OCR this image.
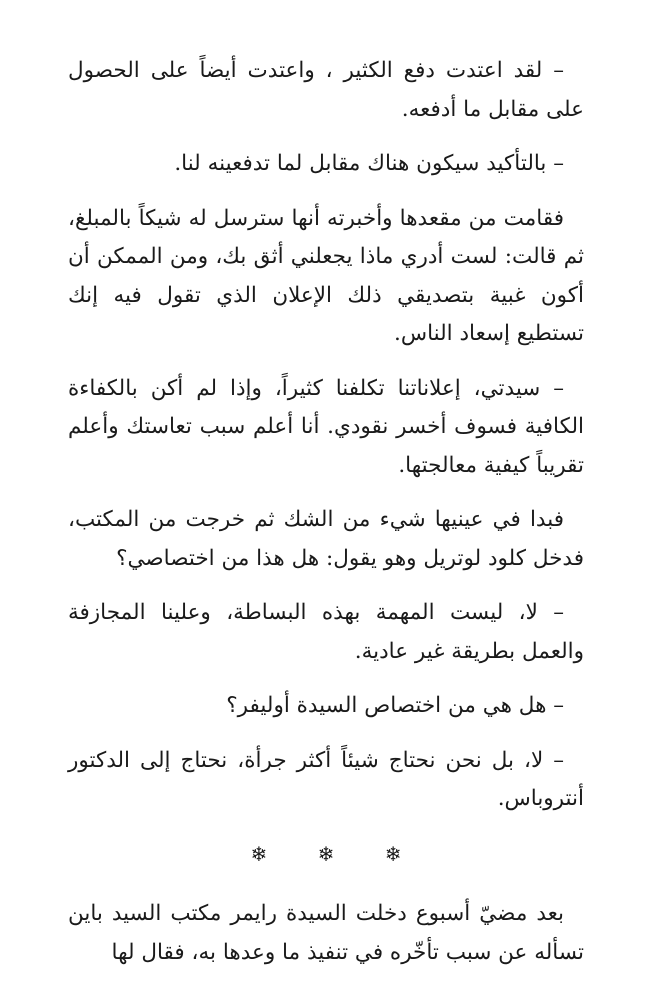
– لقد اعتدت دفع الكثير ، واعتدت أيضاً على الحصول على مقابل ما أدفعه.

– بالتأكيد سيكون هناك مقابل لما تدفعينه لنا.

فقامت من مقعدها وأخبرته أنها سترسل له شيكاً بالمبلغ، ثم قالت: لست أدري ماذا يجعلني أثق بك، ومن الممكن أن أكون غبية بتصديقي ذلك الإعلان الذي تقول فيه إنك تستطيع إسعاد الناس.

– سيدتي، إعلاناتنا تكلفنا كثيراً، وإذا لم أكن بالكفاءة الكافية فسوف أخسر نقودي. أنا أعلم سبب تعاستك وأعلم تقريباً كيفية معالجتها.

فبدا في عينيها شيء من الشك ثم خرجت من المكتب، فدخل كلود لوتريل وهو يقول: هل هذا من اختصاصي؟

– لا، ليست المهمة بهذه البساطة، وعلينا المجازفة والعمل بطريقة غير عادية.

– هل هي من اختصاص السيدة أوليفر؟

– لا، بل نحن نحتاج شيئاً أكثر جرأة، نحتاج إلى الدكتور أنتروباس.

❄ ❄ ❄

بعد مضيّ أسبوع دخلت السيدة رايمر مكتب السيد باين تسأله عن سبب تأخّره في تنفيذ ما وعدها به، فقال لها
